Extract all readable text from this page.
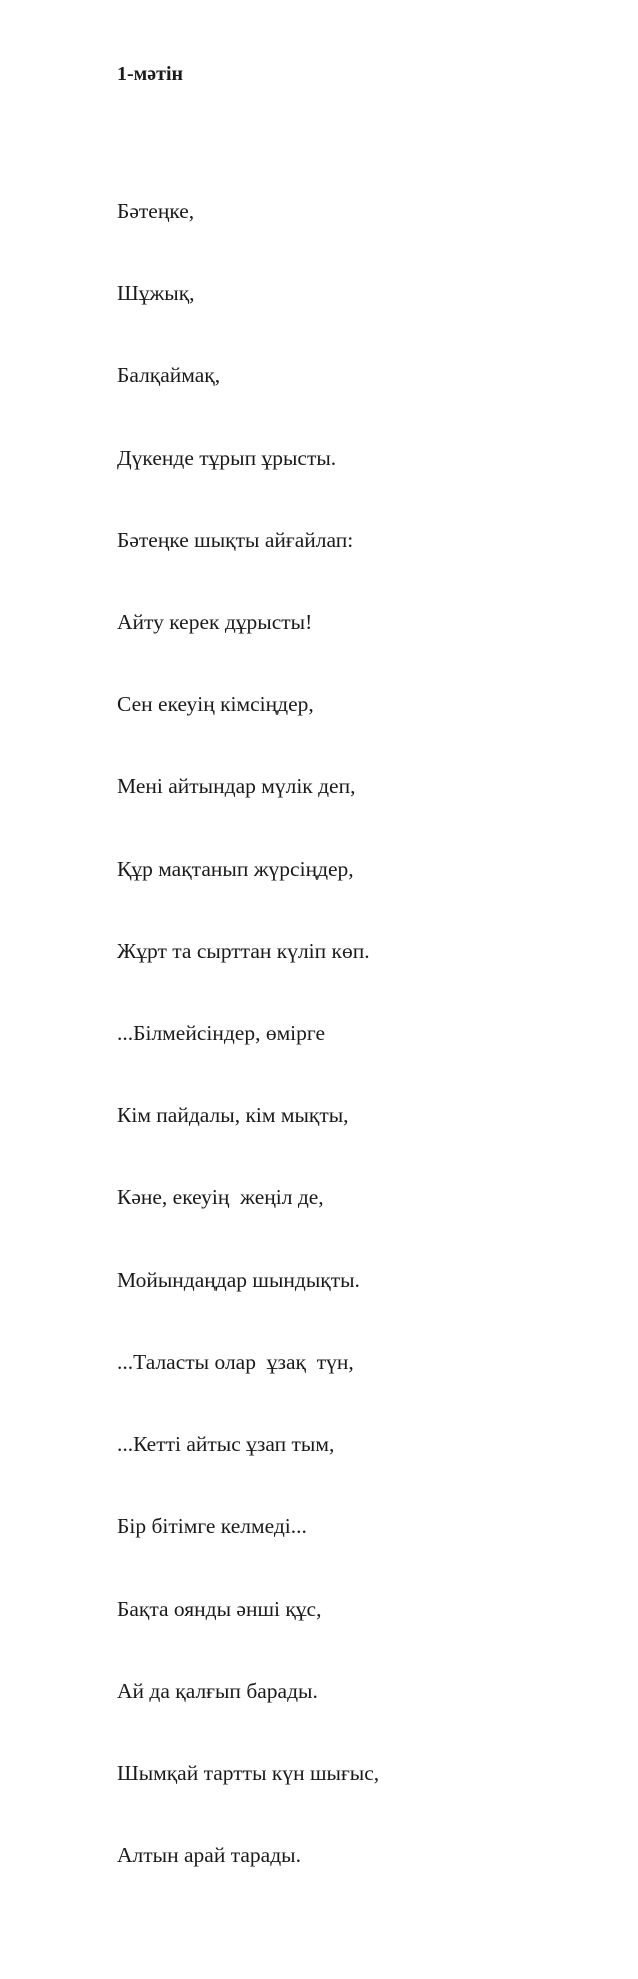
1-мәтін

Бәтеңке,

Шұжық,

Балқаймақ,

Дүкенде тұрып ұрысты.

Бәтеңке шықты айғайлап:

Айту керек дұрысты!

Сен екеуің кімсіңдер,

Мені айтындар мүлік деп,

Құр мақтанып жүрсіңдер,

Жұрт та сырттан күліп көп.

...Білмейсіндер, өмірге

Кім пайдалы, кім мықты,

Кәне, екеуің  жеңіл де,

Мойындаңдар шындықты.

...Таласты олар  ұзақ  түн,

...Кетті айтыс ұзап тым,

Бір бітімге келмеді...

Бақта оянды әнші құс,

Ай да қалғып барады.

Шымқай тартты күн шығыс,

Алтын арай тарады.
